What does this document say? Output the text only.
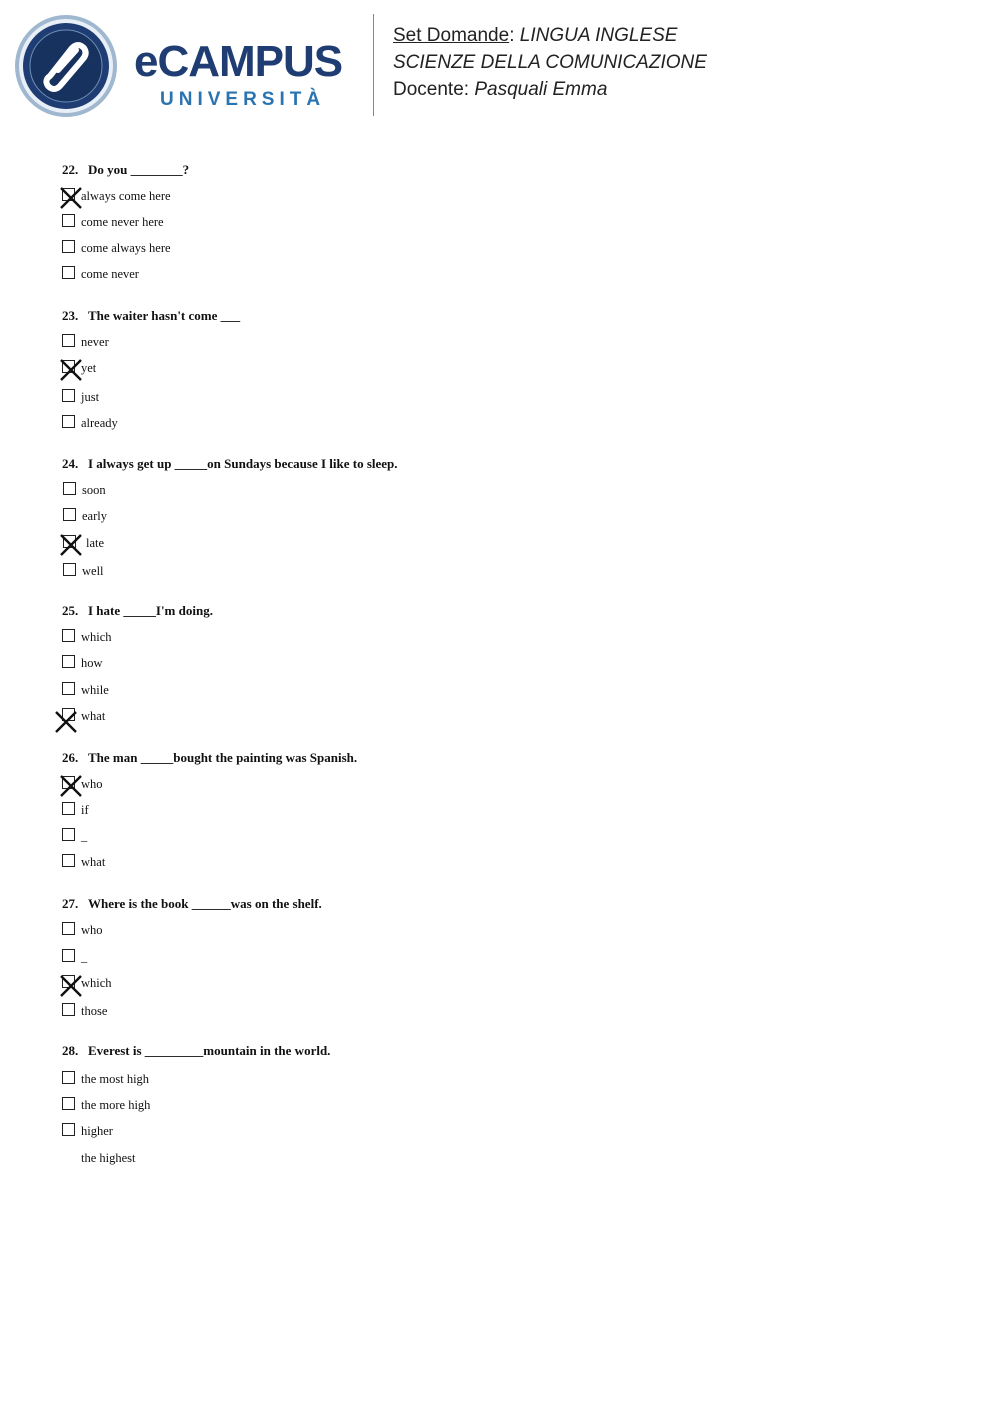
eCAMPUS
UNIVERSITÀ
Set Domande: LINGUA INGLESE
SCIENZE DELLA COMUNICAZIONE
Docente: Pasquali Emma
22. Do you ________?
always come here
come never here
come always here
come never
23. The waiter hasn't come ___
never
yet
just
already
24. I always get up _____on Sundays because I like to sleep.
soon
early
late
well
25. I hate _____I'm doing.
which
how
while
what
26. The man _____bought the painting was Spanish.
who
if
_
what
27. Where is the book ______was on the shelf.
who
_
which
those
28. Everest is _________mountain in the world.
the most high
the more high
higher
the highest
